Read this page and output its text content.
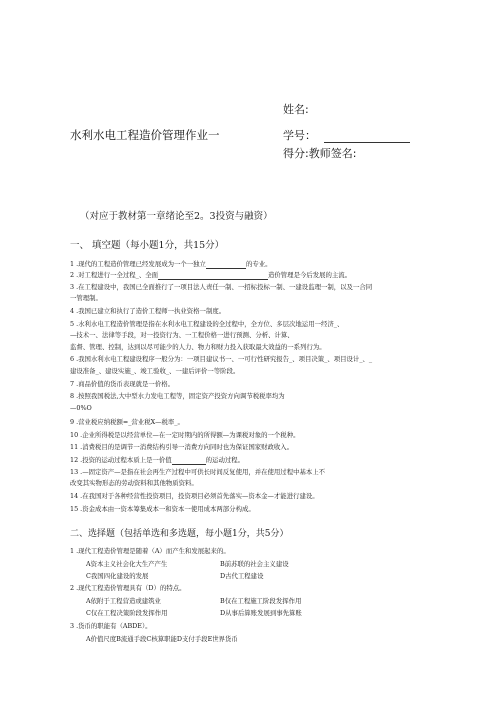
水利水电工程造价管理作业一
姓名:
学号：
得分:教师签名:
（对应于教材第一章绪论至2。3投资与融资）
一、 填空题（每小题1分，共15分）
1 .现代的工程造价管理已经发展成为一个一独立	的专业。
2 .对工程进行一全过程_、全面	造价管理是今后发展的主流。
3 .在工程建设中，我国已全面推行了一项目法人责任一制、一招标投标一制、一建设监理一制，以及一合同
一管理制。
4 .我国已建立和执行了造价工程师一执业资格一制度。
5 .水利水电工程造价管理是指在水利水电工程建设的全过程中，全方位、多层次地运用一经济_、
—技术一、法律等手段，对一投资行为、一工程价格一进行预测、分析、计算、
监督、管理、控制，达到以尽可能少的人力、物力和财力投入获取最大效益的一系列行为。
6 .我国水利水电工程建设程序一般分为：一项目建议书一、一可行性研究报告_、项目决策_、项目设计_、_
建设准备_、建设实施_、竣工验收_、一建后评价一等阶段。
7 .商品价值的货币表现就是一价格。
8 .按照我国税法,大中型水力发电工程等，固定资产投资方向调节税税率均为
—0%O
9 .营业税应纳税额=_营业税X—税率_。
10 .企业所得税是以经营单位—在一定时期内的所得额—为课税对象的一个税种。
11 .消费税目的是调节一消费结构引导一消费方向同时也为保证国家财政收入。
12 .投资的运动过程本质上是一价值	的运动过程。
13 .—固定资产—是指在社会再生产过程中可供长时间反复使用，并在使用过程中基本上不
改变其实物形态的劳动资料和其他物质资料。
14 .在我国对于各种经营性投资项目，投资项目必须首先落实—资本金—才能进行建设。
15 .资金成本由一资本筹集成本一和资本一使用成本两部分构成。
二、选择题（包括单选和多选题，每小题1分，共5分）
1 .现代工程造价管理是随着（A）而产生和发展起来的。
A资本主义社会化大生产产生	B前苏联的社会主义建设
C我国四化建设的发展	D古代工程建设
2 .现代工程造价管理具有（D）的特点。
A依附于工程营造或建筑业	B仅在工程施工阶段发挥作用
C仅在工程决策阶段发挥作用	D从事后算账发展到事先算账
3 .货币的职能有（ABDE）。
A价值尺度B流通手段C核算职能D支付手段E世界货币
